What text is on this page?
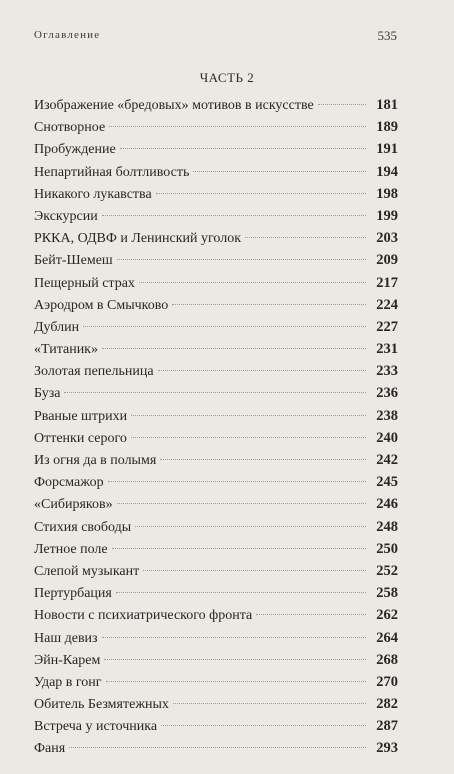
Оглавление	535
ЧАСТЬ 2
Изображение «бредовых» мотивов в искусстве	181
Снотворное	189
Пробуждение	191
Непартийная болтливость	194
Никакого лукавства	198
Экскурсии	199
РККА, ОДВФ и Ленинский уголок	203
Бейт-Шемеш	209
Пещерный страх	217
Аэродром в Смычково	224
Дублин	227
«Титаник»	231
Золотая пепельница	233
Буза	236
Рваные штрихи	238
Оттенки серого	240
Из огня да в полымя	242
Форсмажор	245
«Сибиряков»	246
Стихия свободы	248
Летное поле	250
Слепой музыкант	252
Пертурбация	258
Новости с психиатрического фронта	262
Наш девиз	264
Эйн-Карем	268
Удар в гонг	270
Обитель Безмятежных	282
Встреча у источника	287
Фаня	293
